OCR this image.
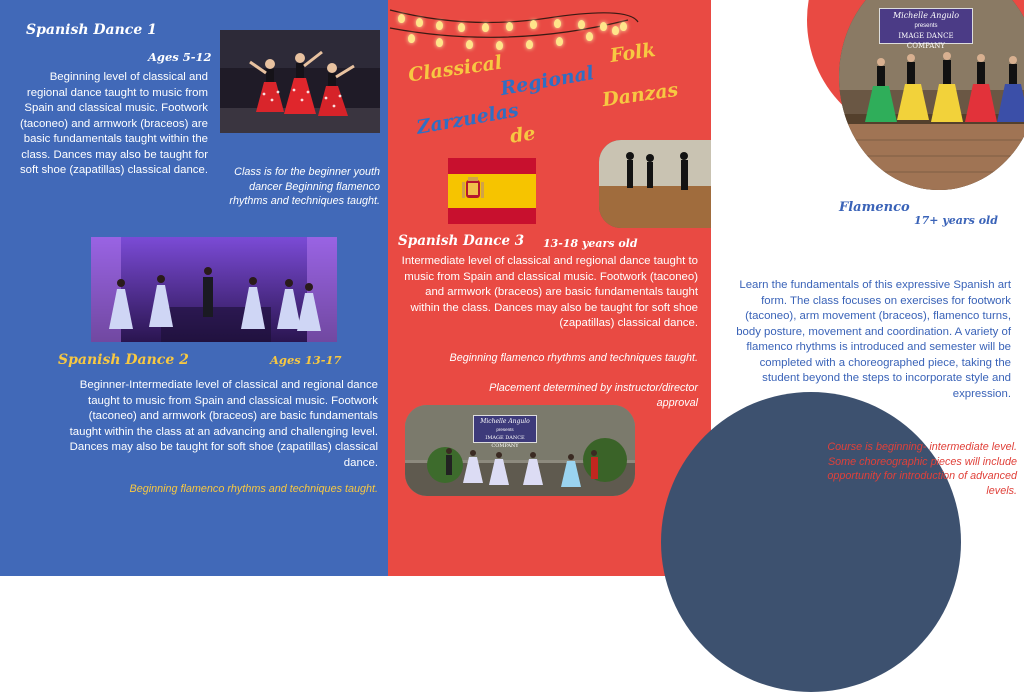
Spanish Dance 1
Ages 5-12
Beginning level of classical and regional dance taught to music from Spain and classical music. Footwork (taconeo) and armwork (braceos) are basic fundamentals taught within the class. Dances may also be taught for soft shoe (zapatillas) classical dance.	Class is for the beginner youth dancer Beginning flamenco rhythms and techniques taught.
Spanish Dance 2	Ages 13-17
Beginner-Intermediate level of classical and regional dance taught to music from Spain and classical music. Footwork (taconeo) and armwork (braceos) are basic fundamentals taught within the class at an advancing and challenging level. Dances may also be taught for soft shoe (zapatillas) classical dance.
Beginning flamenco rhythms and techniques taught.
Classical
Regional
Folk
Zarzuelas
de
Danzas
Spanish Dance 3 13-18 years old
Intermediate level of classical and regional dance taught to music from Spain and classical music. Footwork (taconeo) and armwork (braceos) are basic fundamentals taught within the class. Dances may also be taught for soft shoe (zapatillas) classical dance.
Beginning flamenco rhythms and techniques taught.
Placement determined by instructor/director approval
Michelle Angulo
presents
IMAGE DANCE COMPANY
Michelle Angulo
presents
IMAGE DANCE COMPANY
Flamenco
17+ years old
Learn the fundamentals of this expressive Spanish art form. The class focuses on exercises for footwork (taconeo), arm movement (braceos), flamenco turns, body posture, movement and coordination. A variety of flamenco rhythms is introduced and semester will be completed with a choreographed piece, taking the student beyond the steps to incorporate style and expression.
Course is beginning- intermediate level. Some choreographic pieces will include opportunity for introduction of advanced levels.
